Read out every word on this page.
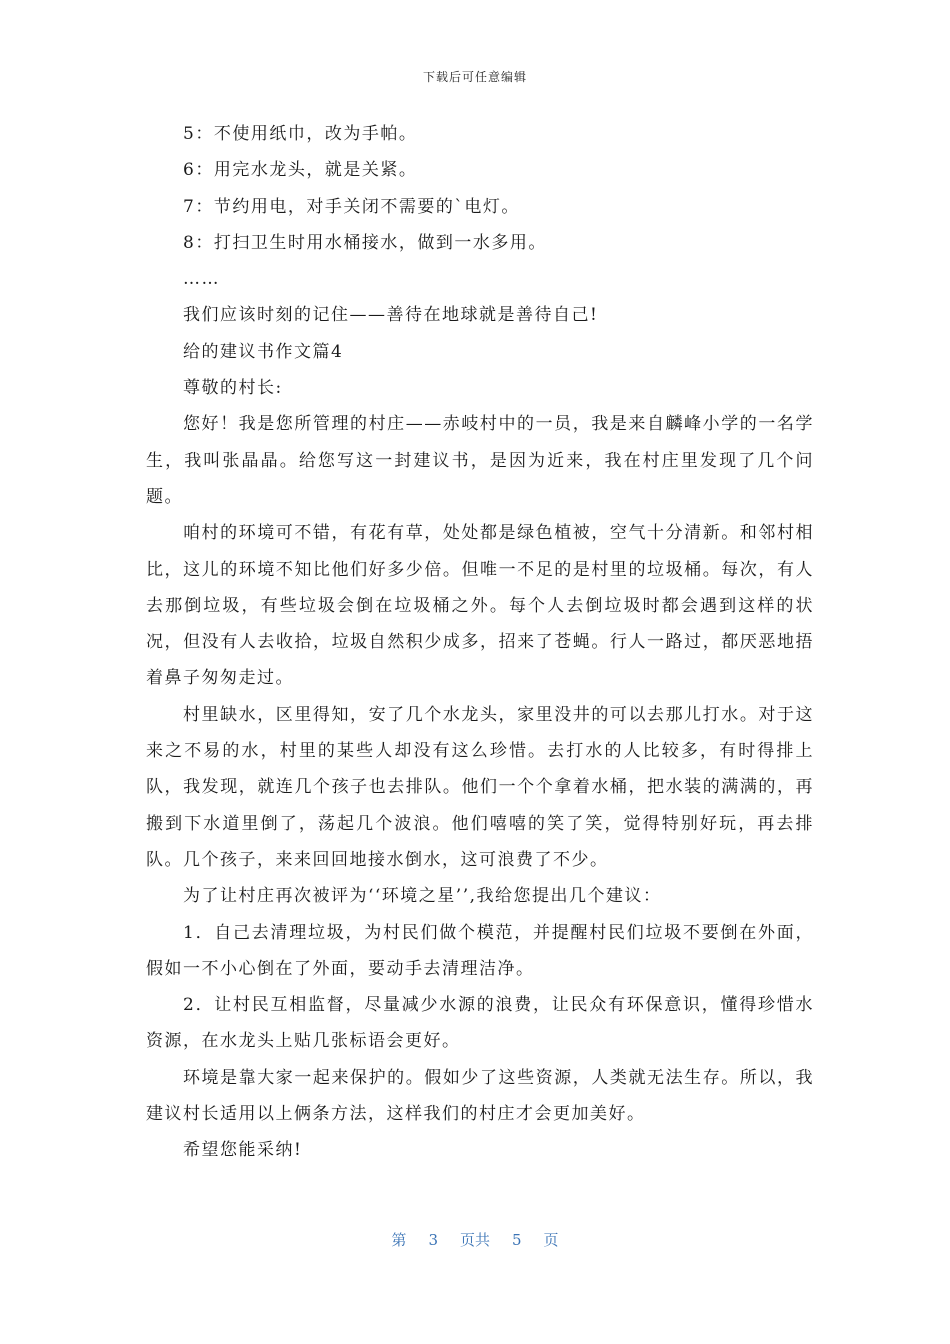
下载后可任意编辑

5：不使用纸巾，改为手帕。

6：用完水龙头，就是关紧。

7：节约用电，对手关闭不需要的`电灯。

8：打扫卫生时用水桶接水，做到一水多用。

……

我们应该时刻的记住——善待在地球就是善待自己!

给的建议书作文篇4

尊敬的村长:

您好！我是您所管理的村庄——赤岐村中的一员，我是来自麟峰小学的一名学生，我叫张晶晶。给您写这一封建议书，是因为近来，我在村庄里发现了几个问题。

咱村的环境可不错，有花有草，处处都是绿色植被，空气十分清新。和邻村相比，这儿的环境不知比他们好多少倍。但唯一不足的是村里的垃圾桶。每次，有人去那倒垃圾，有些垃圾会倒在垃圾桶之外。每个人去倒垃圾时都会遇到这样的状况，但没有人去收拾，垃圾自然积少成多，招来了苍蝇。行人一路过，都厌恶地捂着鼻子匆匆走过。

村里缺水，区里得知，安了几个水龙头，家里没井的可以去那儿打水。对于这来之不易的水，村里的某些人却没有这么珍惜。去打水的人比较多，有时得排上队，我发现，就连几个孩子也去排队。他们一个个拿着水桶，把水装的满满的，再搬到下水道里倒了，荡起几个波浪。他们嘻嘻的笑了笑，觉得特别好玩，再去排队。几个孩子，来来回回地接水倒水，这可浪费了不少。

为了让村庄再次被评为‘‘环境之星’’,我给您提出几个建议：

1．自己去清理垃圾，为村民们做个模范，并提醒村民们垃圾不要倒在外面，假如一不小心倒在了外面，要动手去清理洁净。

2．让村民互相监督，尽量减少水源的浪费，让民众有环保意识，懂得珍惜水资源，在水龙头上贴几张标语会更好。

环境是靠大家一起来保护的。假如少了这些资源，人类就无法生存。所以，我建议村长适用以上俩条方法，这样我们的村庄才会更加美好。

希望您能采纳!

第 3 页共 5 页
